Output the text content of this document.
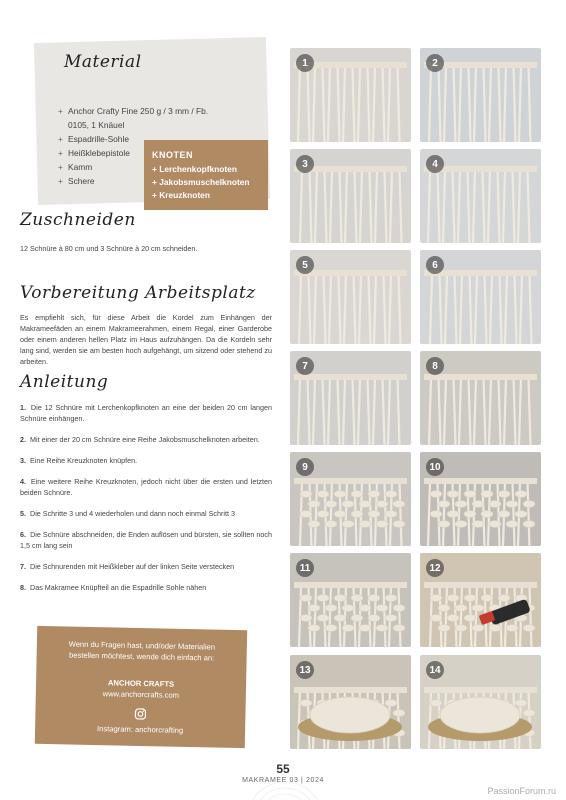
Material
+ Anchor Crafty Fine 250 g / 3 mm / Fb. 0105, 1 Knäuel
+ Espadrille-Sohle
+ Heißklebepistole
+ Kamm
+ Schere
KNOTEN
+ Lerchenkopfknoten
+ Jakobsmuschelknoten
+ Kreuzknoten
Zuschneiden

12 Schnüre à 80 cm und 3 Schnüre à 20 cm schneiden.

Vorbereitung Arbeitsplatz

Es empfiehlt sich, für diese Arbeit die Kordel zum Einhängen der Makrameefäden an einem Makrameerahmen, einem Regal, einer Garderobe oder einem anderen hellen Platz im Haus aufzuhängen. Da die Kordeln sehr lang sind, werden sie am besten hoch aufgehängt, um sitzend oder stehend zu arbeiten.

Anleitung
1. Die 12 Schnüre mit Lerchenkopfknoten an eine der beiden 20 cm langen Schnüre einhängen.
2. Mit einer der 20 cm Schnüre eine Reihe Jakobsmuschelknoten arbeiten.
3. Eine Reihe Kreuzknoten knüpfen.
4. Eine weitere Reihe Kreuzknoten, jedoch nicht über die ersten und letzten beiden Schnüre.
5. Die Schritte 3 und 4 wiederholen und dann noch einmal Schritt 3
6. Die Schnüre abschneiden, die Enden auflösen und bürsten, sie sollten noch 1,5 cm lang sein
7. Die Schnurenden mit Heißkleber auf der linken Seite verstecken
8. Das Makramee Knüpfteil an die Espadrille Sohle nähen

Wenn du Fragen hast, und/oder Materialien bestellen möchtest, wende dich einfach an:

ANCHOR CRAFTS

www.anchorcrafts.com

Instagram: anchorcrafting

1	2
3	4
5	6
7	8
9	10
11	12
13	14
55
MAKRAMEE 03 | 2024
PassionForum.ru
